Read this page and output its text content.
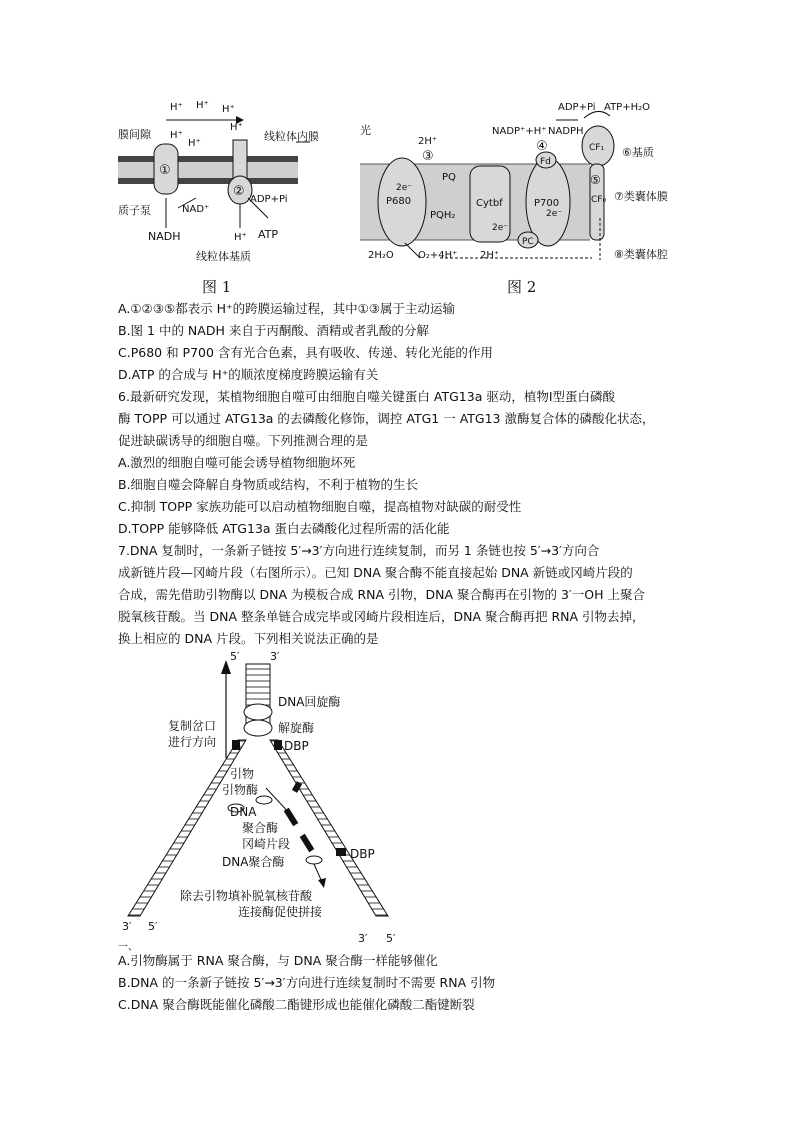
H⁺ H⁺ H⁺
H⁺
H⁺
H⁺
膜间隙	线粒体内膜
①
②
质子泵	NAD⁺
NADH
ADP+Pi
ATP
H⁺
线粒体基质
图 1
光
2H⁺
③
2e⁻
P680
PQ
PQH₂
Cytbf
2e⁻
2H₂O O₂+4H⁺ 2H⁺
NADP⁺+H⁺ NADPH
④
Fd
2e⁻
P700
PC
ADP+Pi ATP+H₂O
CF₁
⑤
CF₀
⑥基质
⑦类囊体膜
⑧类囊体腔
图 2
A.①②③⑤都表示 H⁺的跨膜运输过程，其中①③属于主动运输
B.图 1 中的 NADH 来自于丙酮酸、酒精或者乳酸的分解
C.P680 和 P700 含有光合色素，具有吸收、传递、转化光能的作用
D.ATP 的合成与 H⁺的顺浓度梯度跨膜运输有关
6.最新研究发现，某植物细胞自噬可由细胞自噬关键蛋白 ATG13a 驱动，植物Ⅰ型蛋白磷酸
酶 TOPP 可以通过 ATG13a 的去磷酸化修饰，调控 ATG1 一 ATG13 激酶复合体的磷酸化状态，
促进缺碳诱导的细胞自噬。下列推测合理的是
A.激烈的细胞自噬可能会诱导植物细胞坏死
B.细胞自噬会降解自身物质或结构，不利于植物的生长
C.抑制 TOPP 家族功能可以启动植物细胞自噬，提高植物对缺碳的耐受性
D.TOPP 能够降低 ATG13a 蛋白去磷酸化过程所需的活化能
7.DNA 复制时，一条新子链按 5′→3′方向进行连续复制，而另 1 条链也按 5′→3′方向合
成新链片段—冈崎片段（右图所示）。已知 DNA 聚合酶不能直接起始 DNA 新链或冈崎片段的
合成，需先借助引物酶以 DNA 为模板合成 RNA 引物，DNA 聚合酶再在引物的 3′一OH 上聚合
脱氧核苷酸。当 DNA 整条单链合成完毕或冈崎片段相连后，DNA 聚合酶再把 RNA 引物去掉，
换上相应的 DNA 片段。下列相关说法正确的是
5′	3′
DNA回旋酶
解旋酶
DBP
复制岔口
进行方向
引物
引物酶
DNA
聚合酶
冈崎片段
DNA聚合酶
DBP
除去引物填补脱氧核苷酸
连接酶促使拼接
3′ 5′
3′ 5′
一、
A.引物酶属于 RNA 聚合酶，与 DNA 聚合酶一样能够催化
B.DNA 的一条新子链按 5′→3′方向进行连续复制时不需要 RNA 引物
C.DNA 聚合酶既能催化磷酸二酯键形成也能催化磷酸二酯键断裂
